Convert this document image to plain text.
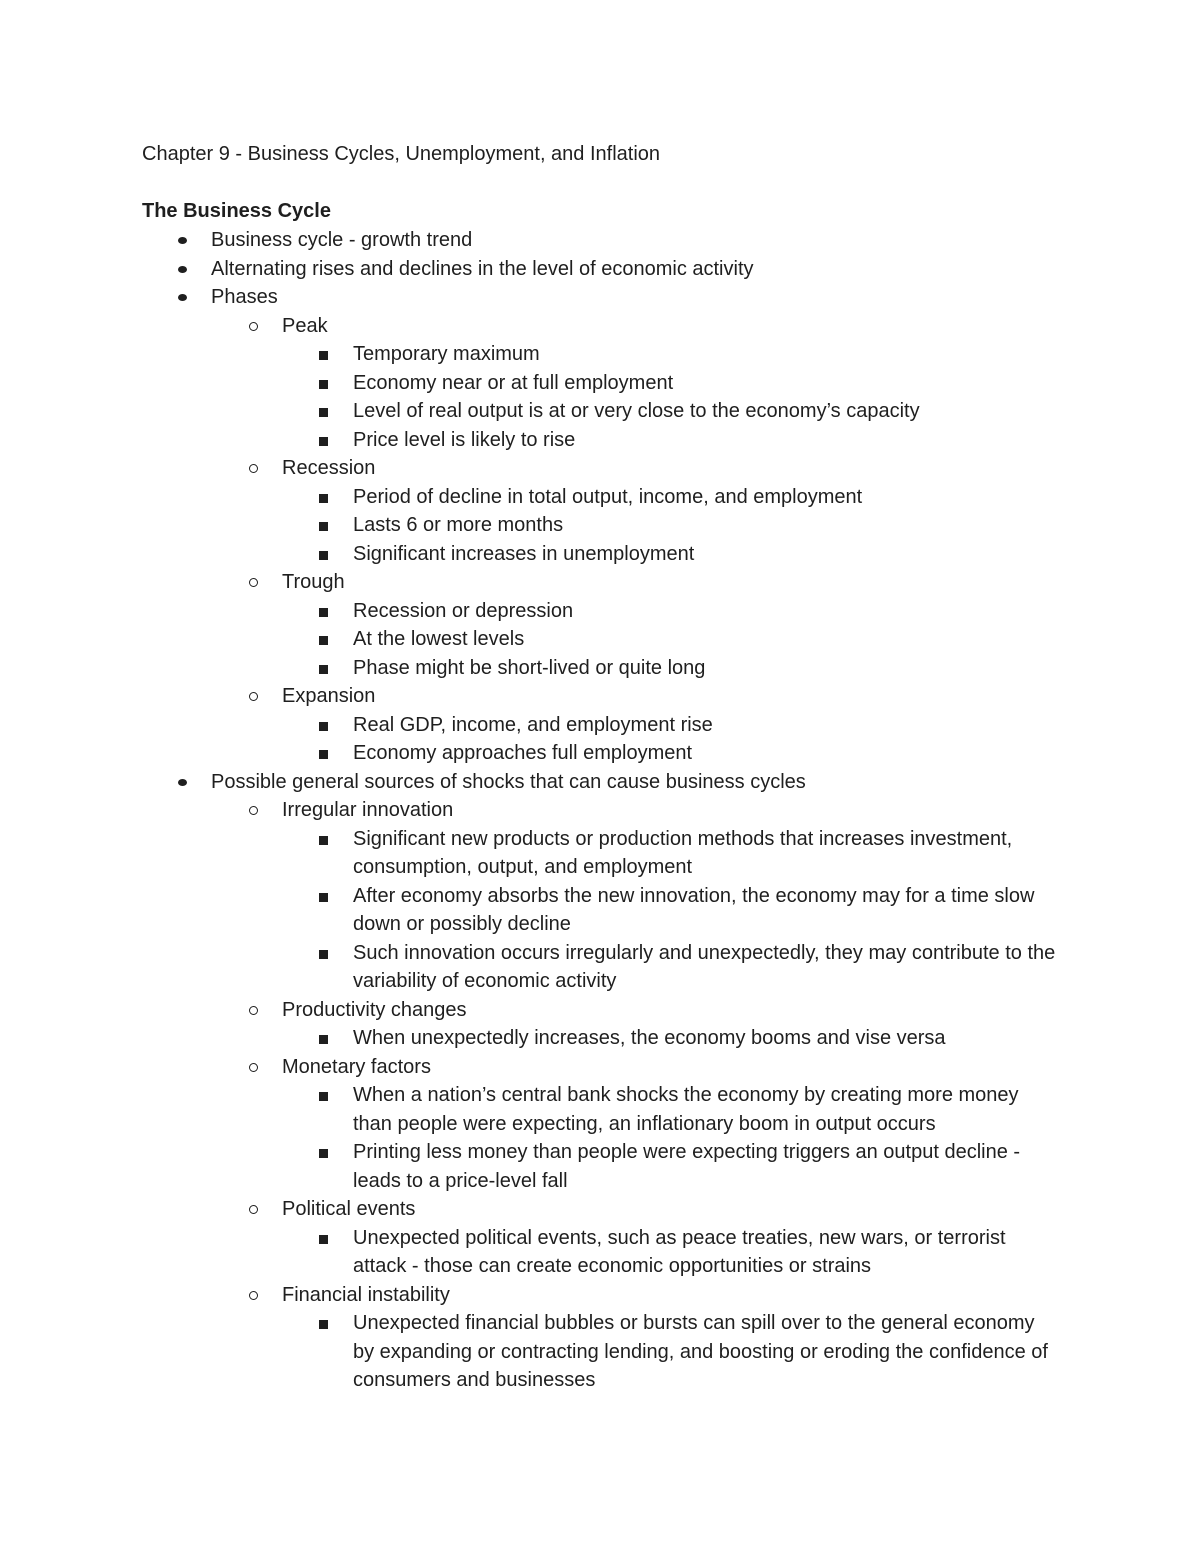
Chapter 9 - Business Cycles, Unemployment, and Inflation
The Business Cycle
Business cycle - growth trend
Alternating rises and declines in the level of economic activity
Phases
Peak
Temporary maximum
Economy near or at full employment
Level of real output is at or very close to the economy’s capacity
Price level is likely to rise
Recession
Period of decline in total output, income, and employment
Lasts 6 or more months
Significant increases in unemployment
Trough
Recession or depression
At the lowest levels
Phase might be short-lived or quite long
Expansion
Real GDP, income, and employment rise
Economy approaches full employment
Possible general sources of shocks that can cause business cycles
Irregular innovation
Significant new products or production methods that increases investment, consumption, output, and employment
After economy absorbs the new innovation, the economy may for a time slow down or possibly decline
Such innovation occurs irregularly and unexpectedly, they may contribute to the variability of economic activity
Productivity changes
When unexpectedly increases, the economy booms and vise versa
Monetary factors
When a nation’s central bank shocks the economy by creating more money than people were expecting, an inflationary boom in output occurs
Printing less money than people were expecting triggers an output decline - leads to a price-level fall
Political events
Unexpected political events, such as peace treaties, new wars, or terrorist attack - those can create economic opportunities or strains
Financial instability
Unexpected financial bubbles or bursts can spill over to the general economy by expanding or contracting lending, and boosting or eroding the confidence of consumers and businesses
